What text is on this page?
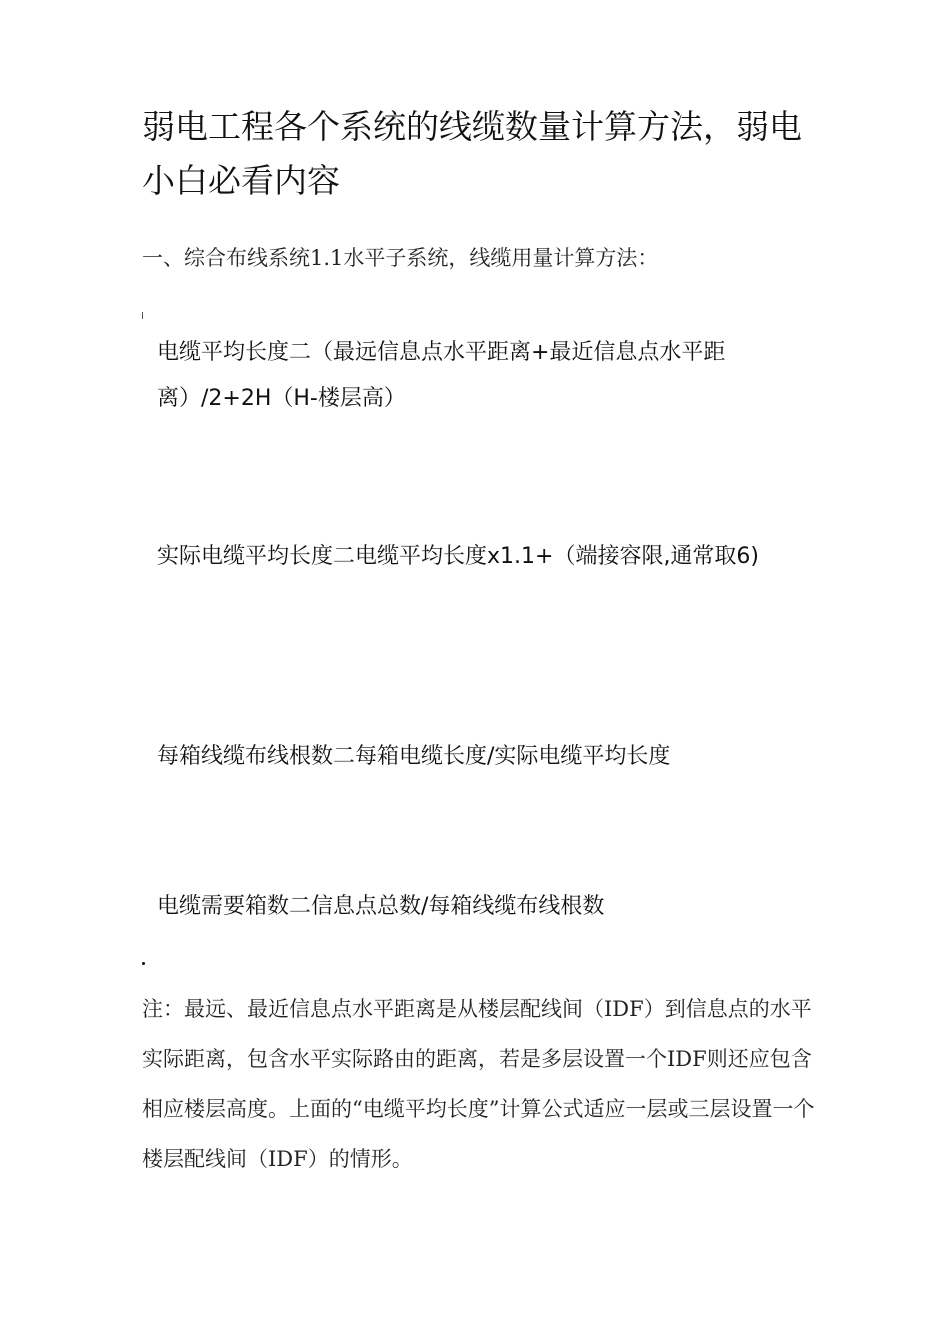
弱电工程各个系统的线缆数量计算方法，弱电小白必看内容

一、综合布线系统1.1水平子系统，线缆用量计算方法：

电缆平均长度二（最远信息点水平距离+最近信息点水平距离）/2+2H（H-楼层高）

实际电缆平均长度二电缆平均长度x1.1+（端接容限,通常取6)

每箱线缆布线根数二每箱电缆长度/实际电缆平均长度

电缆需要箱数二信息点总数/每箱线缆布线根数

注：最远、最近信息点水平距离是从楼层配线间（IDF）到信息点的水平实际距离，包含水平实际路由的距离，若是多层设置一个IDF则还应包含相应楼层高度。上面的“电缆平均长度”计算公式适应一层或三层设置一个楼层配线间（IDF）的情形。
